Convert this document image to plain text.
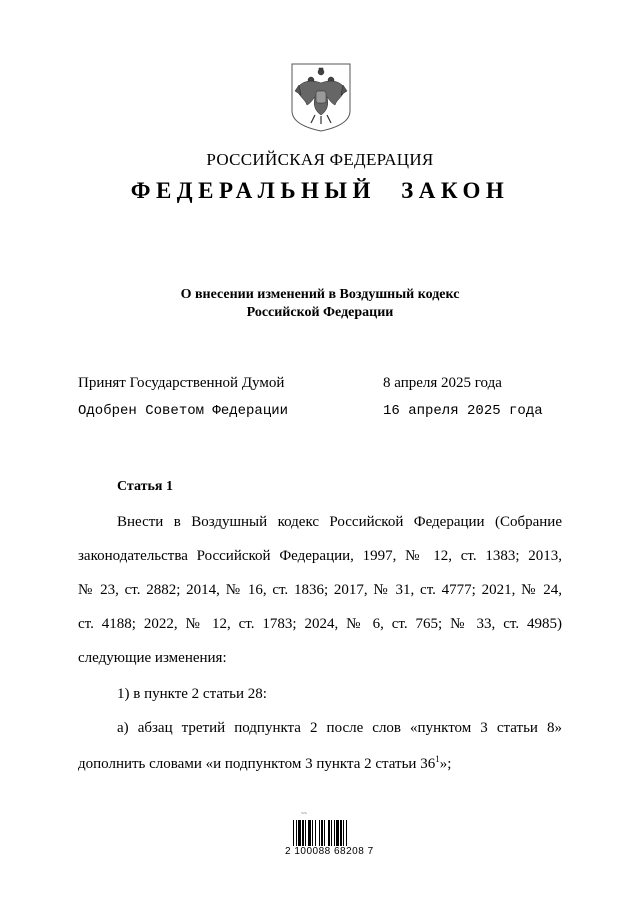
РОССИЙСКАЯ ФЕДЕРАЦИЯ
ФЕДЕРАЛЬНЫЙ ЗАКОН
О внесении изменений в Воздушный кодекс
Российской Федерации
Принят Государственной Думой	8 апреля 2025 года
Одобрен Советом Федерации	16 апреля 2025 года
Статья 1
Внести в Воздушный кодекс Российской Федерации (Собрание
законодательства Российской Федерации, 1997, № 12, ст. 1383; 2013,
№ 23, ст. 2882; 2014, № 16, ст. 1836; 2017, № 31, ст. 4777; 2021, № 24,
ст. 4188; 2022, № 12, ст. 1783; 2024, № 6, ст. 765; № 33, ст. 4985)
следующие изменения:
1) в пункте 2 статьи 28:
а) абзац третий подпункта 2 после слов «пунктом 3 статьи 8»
дополнить словами «и подпунктом 3 пункта 2 статьи $36^1$»;
~~
2 100088 68208 7
